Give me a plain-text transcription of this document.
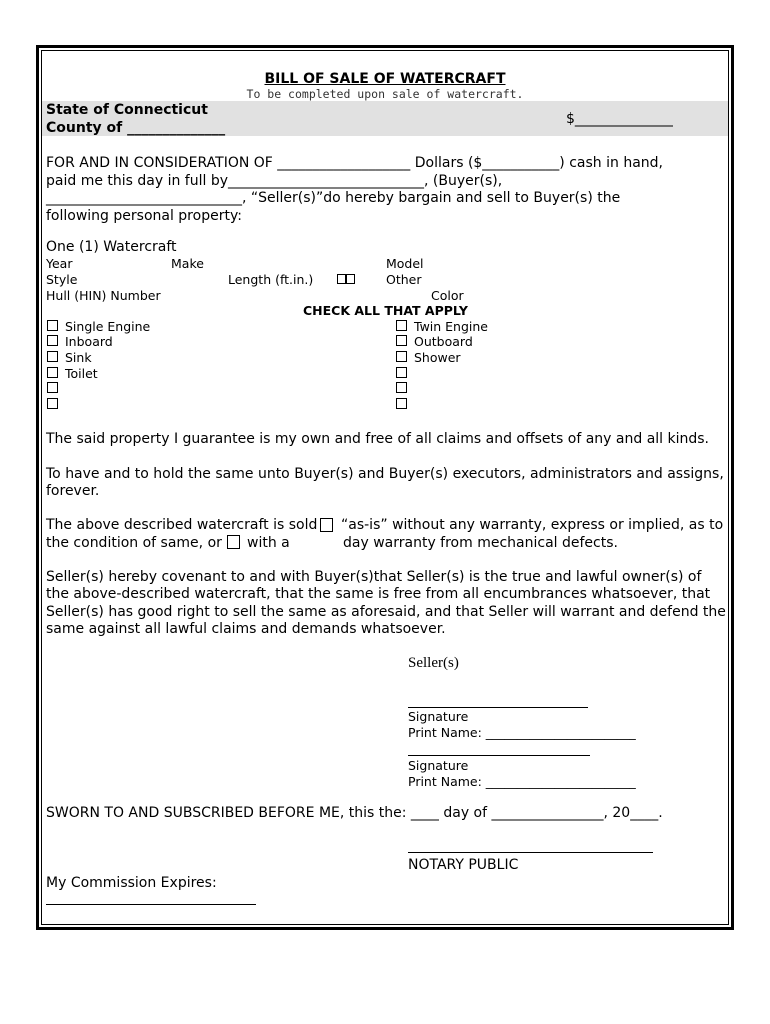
BILL OF SALE OF WATERCRAFT
To be completed upon sale of watercraft.
State of Connecticut
County of ______________
$______________
FOR AND IN CONSIDERATION OF ___________________ Dollars ($___________) cash in hand,
paid me this day in full by____________________________, (Buyer(s),
____________________________, “Seller(s)”do hereby bargain and sell to Buyer(s) the
following personal property:
One (1) Watercraft
Year	Make	Model
Style	Length (ft.in.)	Other
Hull (HIN) Number	Color
CHECK ALL THAT APPLY
Single Engine
Inboard
Sink
Toilet
Twin Engine
Outboard
Shower
The said property I guarantee is my own and free of all claims and offsets of any and all kinds.
To have and to hold the same unto Buyer(s) and Buyer(s) executors, administrators and assigns,
forever.
The above described watercraft is sold “as-is” without any warranty, express or implied, as to
the condition of same, or with a	day warranty from mechanical defects.
Seller(s) hereby covenant to and with Buyer(s)that Seller(s) is the true and lawful owner(s) of
the above-described watercraft, that the same is free from all encumbrances whatsoever, that
Seller(s) has good right to sell the same as aforesaid, and that Seller will warrant and defend the
same against all lawful claims and demands whatsoever.
Seller(s)
Signature
Print Name: ________________________
Signature
Print Name: ________________________
SWORN TO AND SUBSCRIBED BEFORE ME, this the: ____ day of ________________, 20____.
NOTARY PUBLIC
My Commission Expires:
